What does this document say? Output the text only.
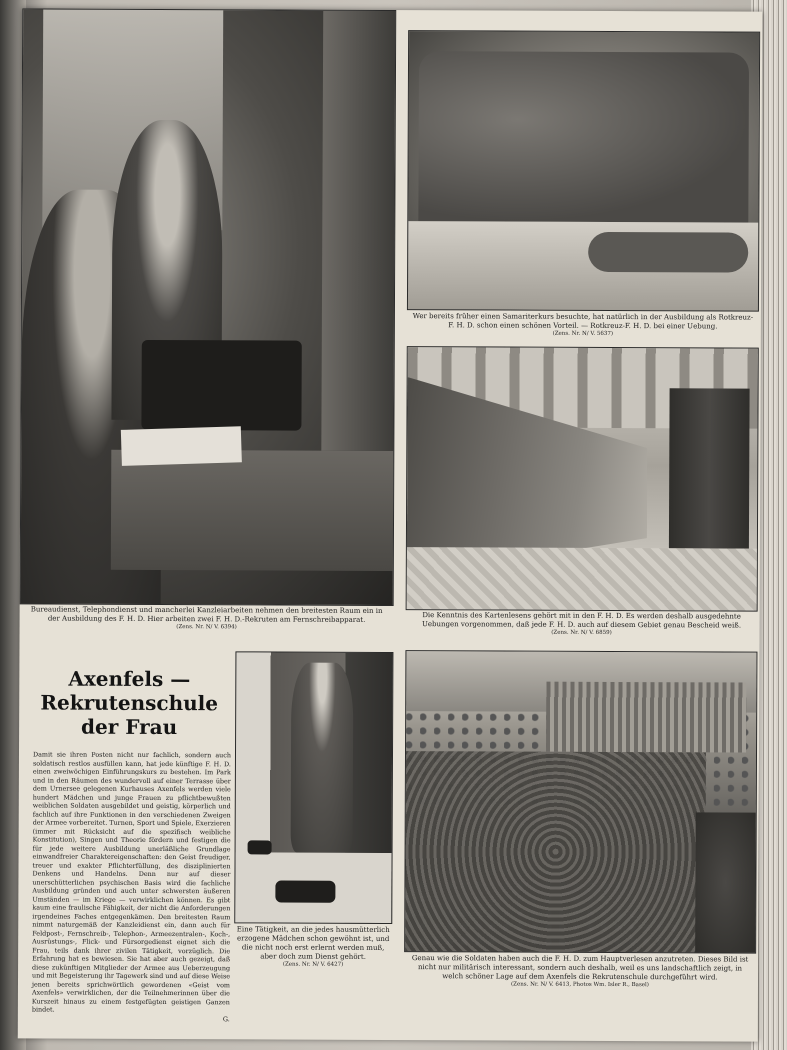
Bureaudienst, Telephondienst und mancherlei Kanzleiarbeiten nehmen den breitesten Raum ein in der Ausbildung des F. H. D. Hier arbeiten zwei F. H. D.-Rekruten am Fernschreibapparat.
(Zens. Nr. N/ V. 6394)

Wer bereits früher einen Samariterkurs besuchte, hat natürlich in der Ausbildung als Rotkreuz-F. H. D. schon einen schönen Vorteil. — Rotkreuz-F. H. D. bei einer Uebung.
(Zens. Nr. N/ V. 5637)

Die Kenntnis des Kartenlesens gehört mit in den F. H. D. Es werden deshalb ausgedehnte Uebungen vorgenommen, daß jede F. H. D. auch auf diesem Gebiet genau Bescheid weiß.
(Zens. Nr. N/ V. 6859)

Axenfels —
Rekrutenschule
der Frau

Damit sie ihren Posten nicht nur fachlich, sondern auch soldatisch restlos ausfüllen kann, hat jede künftige F. H. D. einen zweiwöchigen Einführungskurs zu bestehen. Im Park und in den Räumen des wundervoll auf einer Terrasse über dem Urnersee gelegenen Kurhauses Axenfels werden viele hundert Mädchen und junge Frauen zu pflichtbewußten weiblichen Soldaten ausgebildet und geistig, körperlich und fachlich auf ihre Funktionen in den verschiedenen Zweigen der Armee vorbereitet. Turnen, Sport und Spiele, Exerzieren (immer mit Rücksicht auf die spezifisch weibliche Konstitution), Singen und Theorie fördern und festigen die für jede weitere Ausbildung unerläßliche Grundlage einwandfreier Charaktereigenschaften: den Geist freudiger, treuer und exakter Pflichterfüllung, des disziplinierten Denkens und Handelns. Denn nur auf dieser unerschütterlichen psychischen Basis wird die fachliche Ausbildung gründen und auch unter schwersten äußeren Umständen — im Kriege — verwirklichen können. Es gibt kaum eine fraulische Fähigkeit, der nicht die Anforderungen irgendeines Faches entgegenkämen. Den breitesten Raum nimmt naturgemäß der Kanzleidienst ein, dann auch für Feldpost-, Fernschreib-, Telephon-, Armeezentralen-, Koch-, Ausrüstungs-, Flick- und Fürsorgedienst eignet sich die Frau, teils dank ihrer zivilen Tätigkeit, vorzüglich. Die Erfahrung hat es bewiesen. Sie hat aber auch gezeigt, daß diese zukünftigen Mitglieder der Armee aus Ueberzeugung und mit Begeisterung ihr Tagewerk sind und auf diese Weise jenen bereits sprichwörtlich gewordenen «Geist vom Axenfels» verwirklichen, der die Teilnehmerinnen über die Kurszeit hinaus zu einem festgefügten geistigen Ganzen bindet.
G.

Eine Tätigkeit, an die jedes hausmütterlich erzogene Mädchen schon gewöhnt ist, und die nicht noch erst erlernt werden muß, aber doch zum Dienst gehört.
(Zens. Nr. N/ V. 6427)

Genau wie die Soldaten haben auch die F. H. D. zum Hauptverlesen anzutreten. Dieses Bild ist nicht nur militärisch interessant, sondern auch deshalb, weil es uns landschaftlich zeigt, in welch schöner Lage auf dem Axenfels die Rekrutenschule durchgeführt wird.
(Zens. Nr. N/ V. 6413, Photos Wm. Isler R., Basel)
